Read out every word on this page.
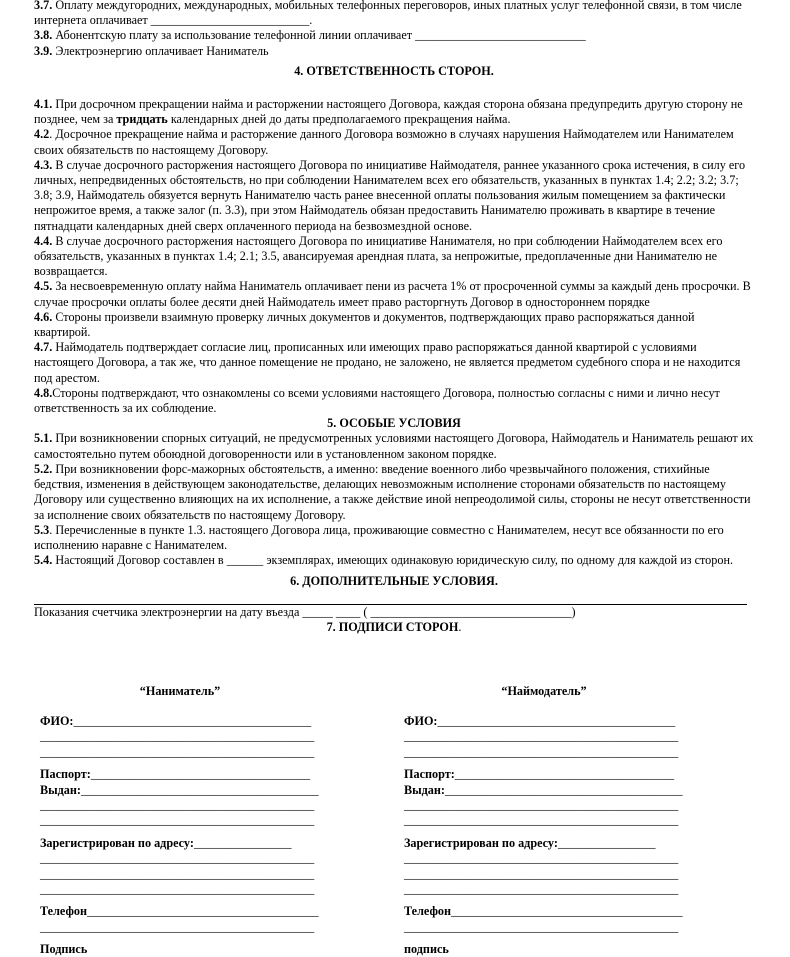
3.7. Оплату междугородних, международных, мобильных телефонных переговоров, иных платных услуг телефонной связи, в том числе интернета оплачивает __________________________.

3.8. Абонентскую плату за использование телефонной линии оплачивает ____________________________

3.9. Электроэнергию оплачивает Наниматель

4. ОТВЕТСТВЕННОСТЬ СТОРОН.

4.1. При досрочном прекращении найма и расторжении настоящего Договора, каждая сторона обязана предупредить другую сторону не позднее, чем за тридцать календарных дней до даты предполагаемого прекращения найма.

4.2. Досрочное прекращение найма и расторжение данного Договора возможно в случаях нарушения Наймодателем или Нанимателем своих обязательств по настоящему Договору.

4.3. В случае досрочного расторжения настоящего Договора по инициативе Наймодателя, раннее указанного срока истечения, в силу его личных, непредвиденных обстоятельств, но при соблюдении Нанимателем всех его обязательств, указанных в пунктах 1.4; 2.2; 3.2; 3.7; 3.8; 3.9, Наймодатель обязуется вернуть Нанимателю часть ранее внесенной оплаты пользования жилым помещением за фактически непрожитое время, а также залог (п. 3.3), при этом Наймодатель обязан предоставить Нанимателю проживать в квартире в течение пятнадцати календарных дней сверх оплаченного периода на безвозмездной основе.

4.4. В случае досрочного расторжения настоящего Договора по инициативе Нанимателя, но при соблюдении Наймодателем всех его обязательств, указанных в пунктах 1.4; 2.1; 3.5, авансируемая арендная плата, за непрожитые, предоплаченные дни Нанимателю не возвращается.

4.5. За несвоевременную оплату найма Наниматель оплачивает пени из расчета 1% от просроченной суммы за каждый день просрочки. В случае просрочки оплаты более десяти дней Наймодатель имеет право расторгнуть Договор в одностороннем порядке

4.6. Стороны произвели взаимную проверку личных документов и документов, подтверждающих право распоряжаться данной квартирой.

4.7. Наймодатель подтверждает согласие лиц, прописанных или имеющих право распоряжаться данной квартирой с условиями настоящего Договора, а так же, что данное помещение не продано, не заложено, не является предметом судебного спора и не находится под арестом.

4.8.Стороны подтверждают, что ознакомлены со всеми условиями настоящего Договора, полностью согласны с ними и лично несут ответственность за их соблюдение.

5. ОСОБЫЕ УСЛОВИЯ

5.1. При возникновении спорных ситуаций, не предусмотренных условиями настоящего Договора, Наймодатель и Наниматель решают их самостоятельно путем обоюдной договоренности или в установленном законом порядке.

5.2. При возникновении форс-мажорных обстоятельств, а именно: введение военного либо чрезвычайного положения, стихийные бедствия, изменения в действующем законодательстве, делающих невозможным исполнение сторонами обязательств по настоящему Договору или существенно влияющих на их исполнение, а также действие иной непреодолимой силы, стороны не несут ответственности за исполнение своих обязательств по настоящему Договору.

5.3. Перечисленные в пункте 1.3. настоящего Договора лица, проживающие совместно с Нанимателем, несут все обязанности по его исполнению наравне с Нанимателем.

5.4. Настоящий Договор составлен в ______ экземплярах, имеющих одинаковую юридическую силу, по одному для каждой из сторон.

6. ДОПОЛНИТЕЛЬНЫЕ УСЛОВИЯ.

Показания счетчика электроэнергии на дату въезда _____ ____ ( _________________________________)

7. ПОДПИСИ СТОРОН.

“Наниматель”
ФИО:_______________________________________
_____________________________________________
_____________________________________________
Паспорт:____________________________________
Выдан:_______________________________________
_____________________________________________
_____________________________________________
Зарегистрирован по адресу:________________
_____________________________________________
_____________________________________________
_____________________________________________
Телефон______________________________________
_____________________________________________
Подпись
“Наймодатель”
ФИО:_______________________________________
_____________________________________________
_____________________________________________
Паспорт:____________________________________
Выдан:_______________________________________
_____________________________________________
_____________________________________________
Зарегистрирован по адресу:________________
_____________________________________________
_____________________________________________
_____________________________________________
Телефон______________________________________
_____________________________________________
подпись
